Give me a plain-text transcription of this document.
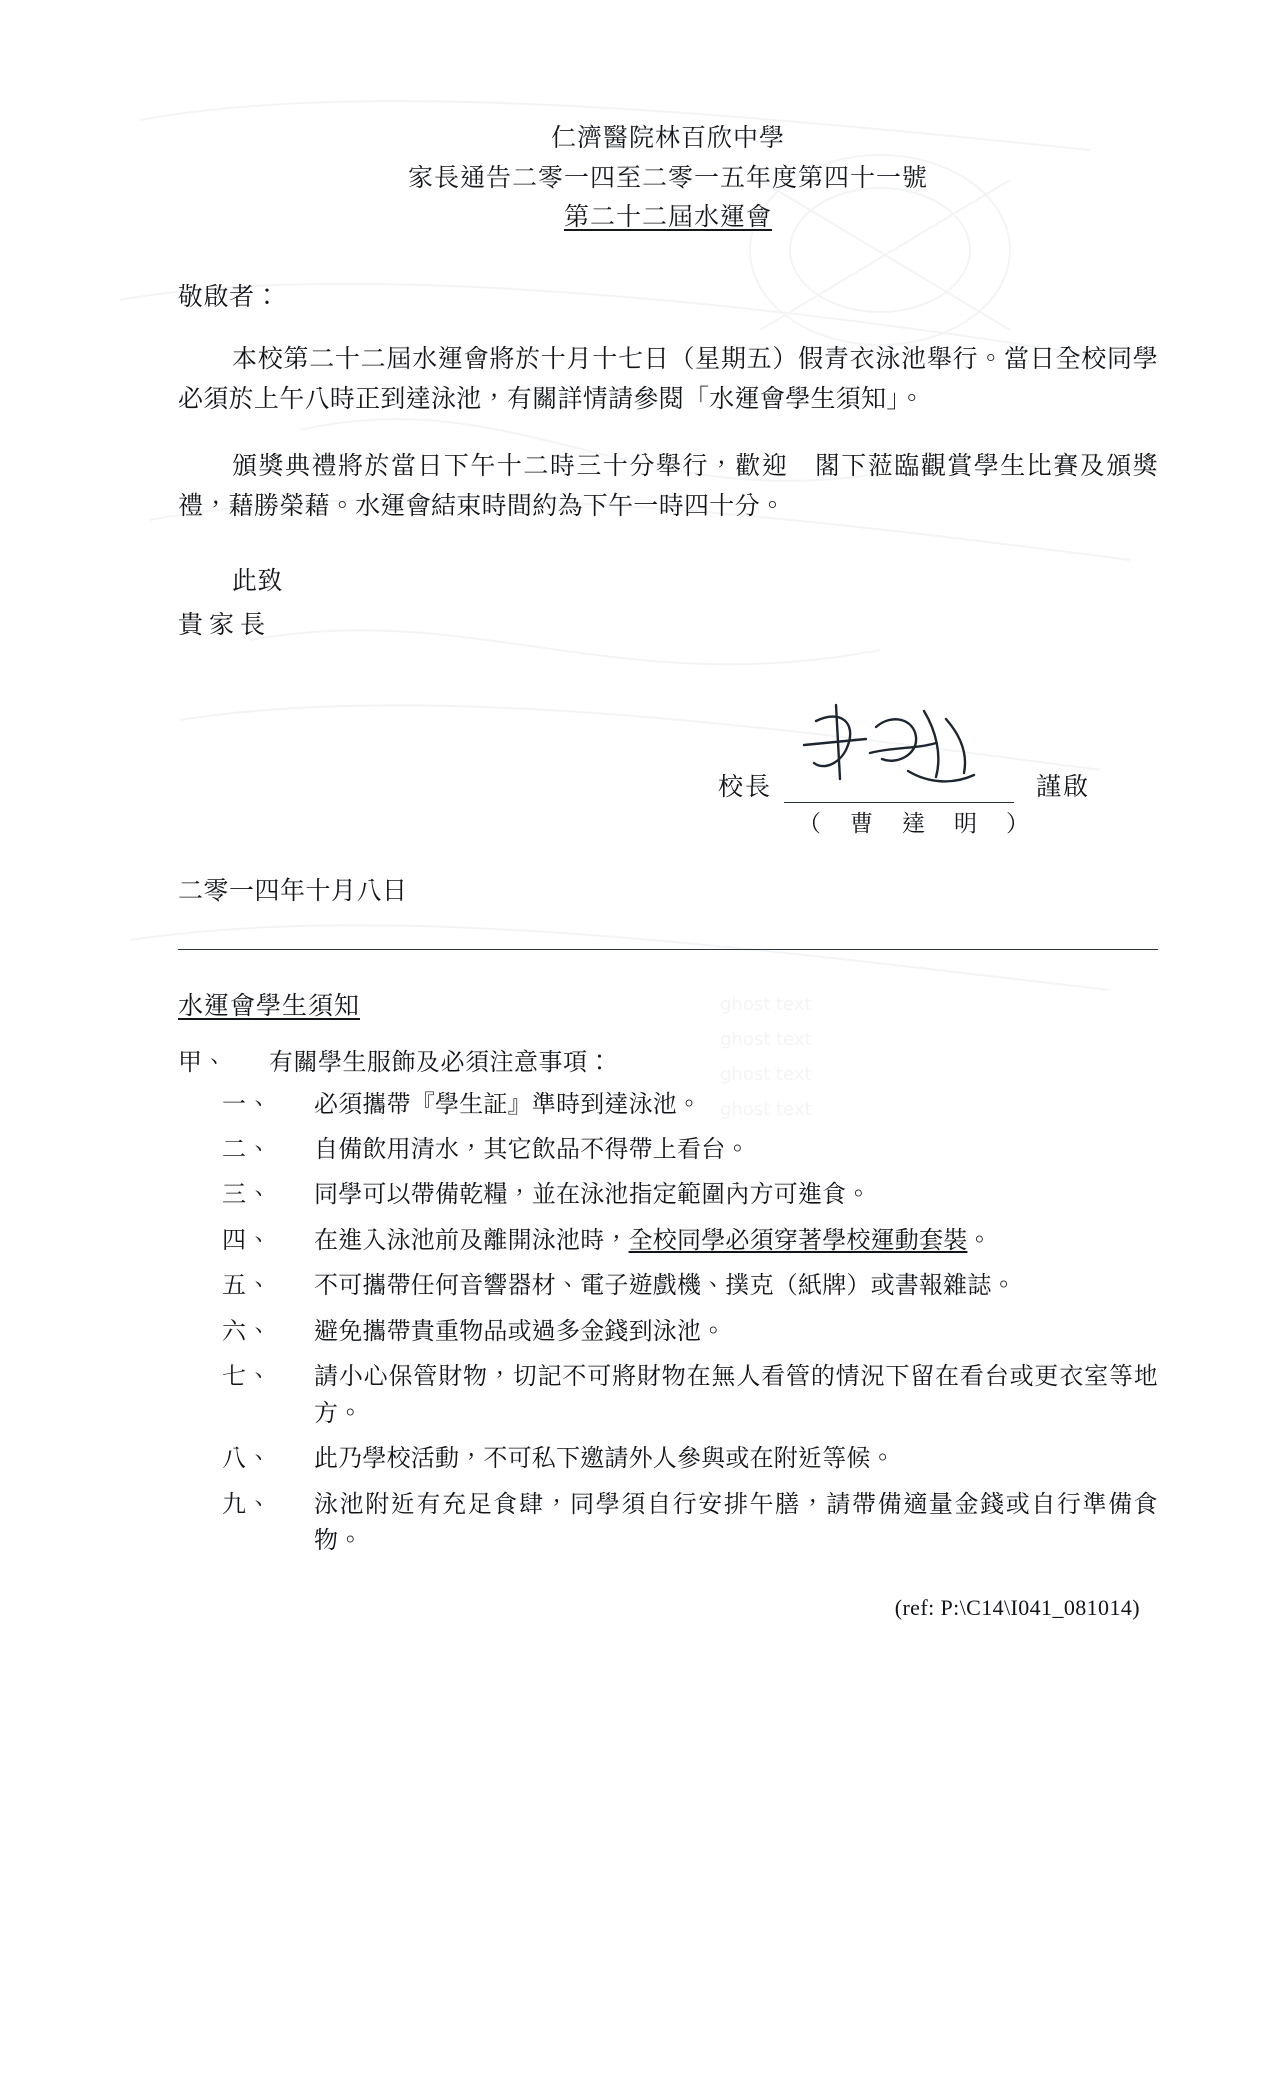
ghost text
ghost text
ghost text
ghost text
仁濟醫院林百欣中學
家長通告二零一四至二零一五年度第四十一號
第二十二屆水運會
敬啟者：
本校第二十二屆水運會將於十月十七日（星期五）假青衣泳池舉行。當日全校同學必須於上午八時正到達泳池，有關詳情請參閱「水運會學生須知」。
頒獎典禮將於當日下午十二時三十分舉行，歡迎　閣下蒞臨觀賞學生比賽及頒獎禮，藉勝榮藉。水運會結束時間約為下午一時四十分。
此致
貴家長
校長	謹啟
（　曹　達　明　）
二零一四年十月八日
水運會學生須知
甲、 有關學生服飾及必須注意事項：
一、	必須攜帶『學生証』準時到達泳池。
二、	自備飲用清水，其它飲品不得帶上看台。
三、	同學可以帶備乾糧，並在泳池指定範圍內方可進食。
四、	在進入泳池前及離開泳池時，全校同學必須穿著學校運動套裝。
五、	不可攜帶任何音響器材、電子遊戲機、撲克（紙牌）或書報雜誌。
六、	避免攜帶貴重物品或過多金錢到泳池。
七、	請小心保管財物，切記不可將財物在無人看管的情況下留在看台或更衣室等地方。
八、	此乃學校活動，不可私下邀請外人參與或在附近等候。
九、	泳池附近有充足食肆，同學須自行安排午膳，請帶備適量金錢或自行準備食物。
(ref: P:\C14\I041_081014)
